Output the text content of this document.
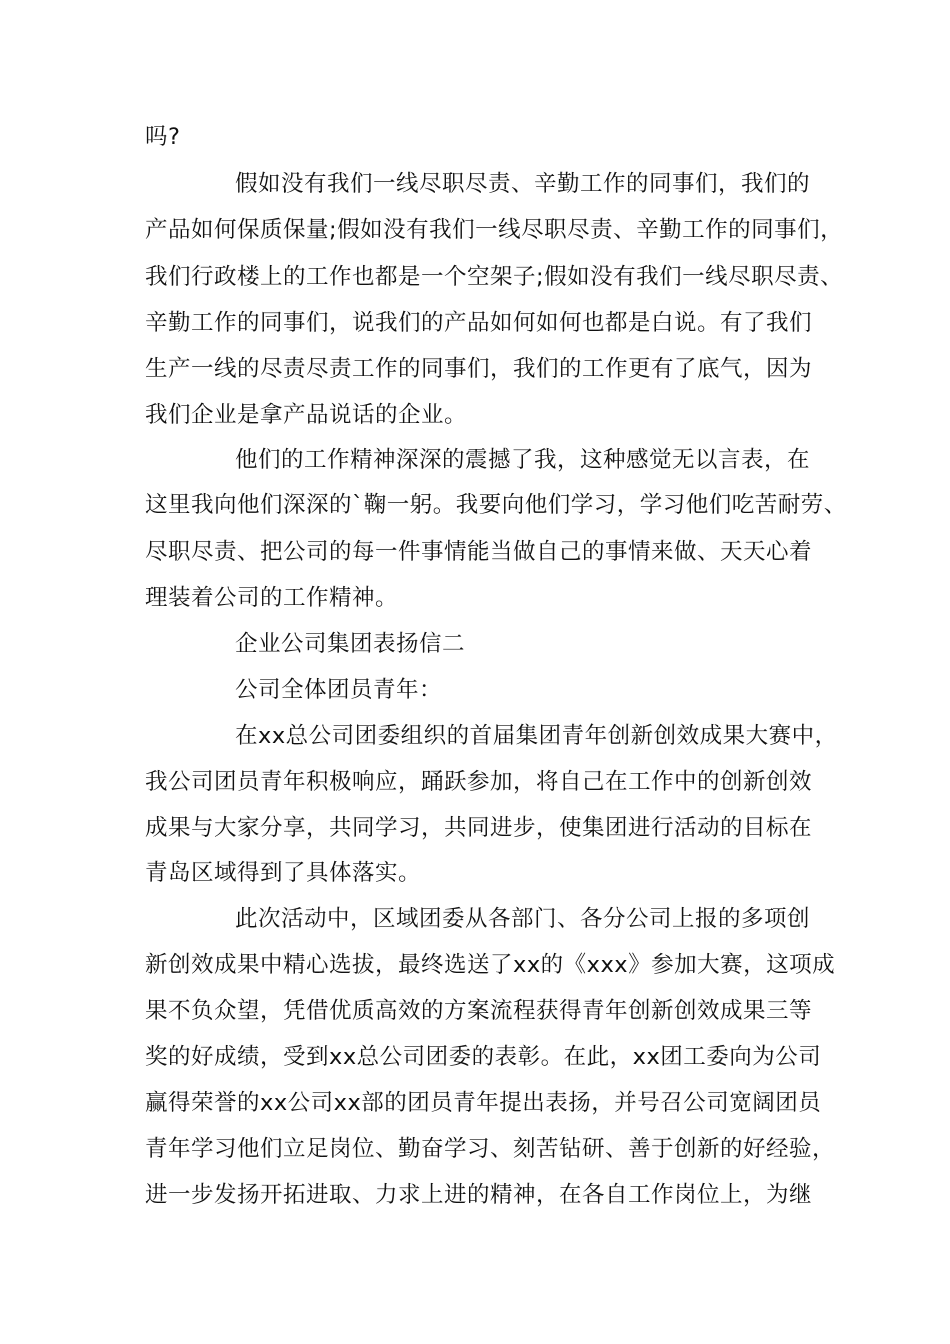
吗?
假如没有我们一线尽职尽责、辛勤工作的同事们，我们的
产品如何保质保量;假如没有我们一线尽职尽责、辛勤工作的同事们，
我们行政楼上的工作也都是一个空架子;假如没有我们一线尽职尽责、
辛勤工作的同事们，说我们的产品如何如何也都是白说。有了我们
生产一线的尽责尽责工作的同事们，我们的工作更有了底气，因为
我们企业是拿产品说话的企业。
他们的工作精神深深的震撼了我，这种感觉无以言表，在
这里我向他们深深的`鞠一躬。我要向他们学习，学习他们吃苦耐劳、
尽职尽责、把公司的每一件事情能当做自己的事情来做、天天心着
理装着公司的工作精神。
企业公司集团表扬信二
公司全体团员青年：
在xx总公司团委组织的首届集团青年创新创效成果大赛中，
我公司团员青年积极响应，踊跃参加，将自己在工作中的创新创效
成果与大家分享，共同学习，共同进步，使集团进行活动的目标在
青岛区域得到了具体落实。
此次活动中，区域团委从各部门、各分公司上报的多项创
新创效成果中精心选拔，最终选送了xx的《xxx》参加大赛，这项成
果不负众望，凭借优质高效的方案流程获得青年创新创效成果三等
奖的好成绩，受到xx总公司团委的表彰。在此，xx团工委向为公司
赢得荣誉的xx公司xx部的团员青年提出表扬，并号召公司宽阔团员
青年学习他们立足岗位、勤奋学习、刻苦钻研、善于创新的好经验，
进一步发扬开拓进取、力求上进的精神，在各自工作岗位上，为继
